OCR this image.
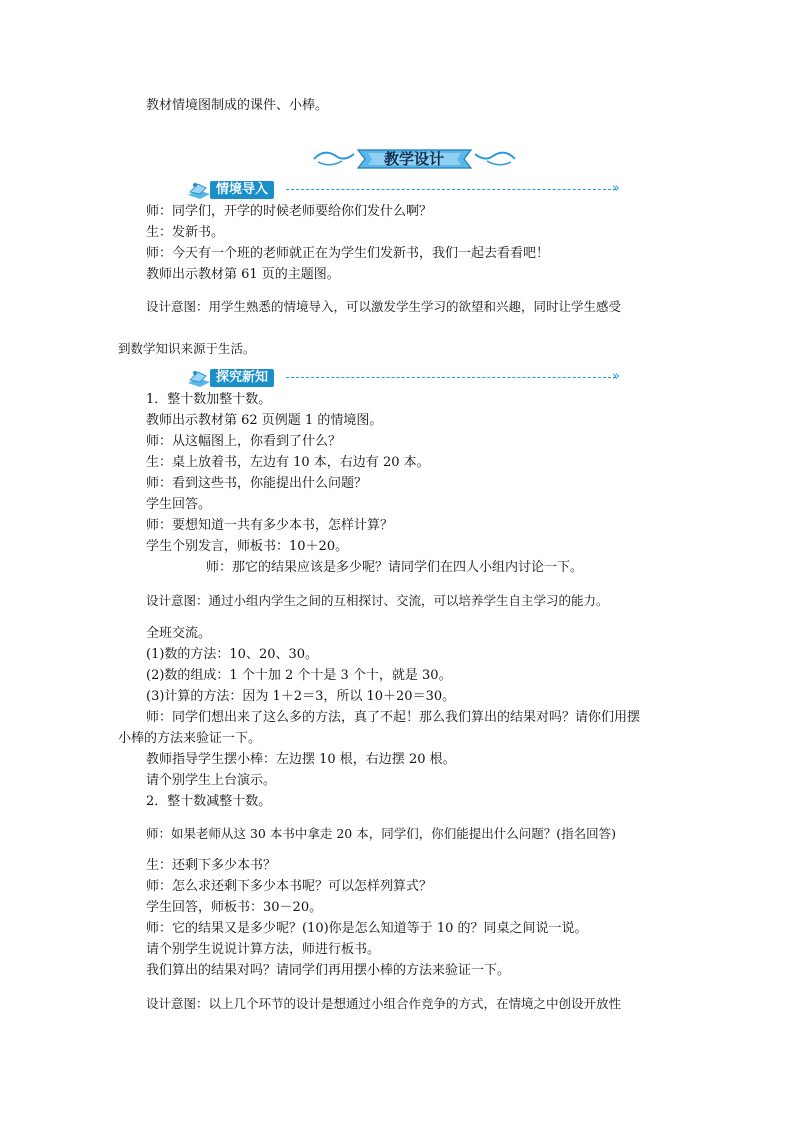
教材情境图制成的课件、小棒。
教学设计
情境导入	»
师：同学们，开学的时候老师要给你们发什么啊？
生：发新书。
师：今天有一个班的老师就正在为学生们发新书，我们一起去看看吧！
教师出示教材第 61 页的主题图。
设计意图：用学生熟悉的情境导入，可以激发学生学习的欲望和兴趣，同时让学生感受
到数学知识来源于生活。
探究新知	»
1．整十数加整十数。
教师出示教材第 62 页例题 1 的情境图。
师：从这幅图上，你看到了什么？
生：桌上放着书，左边有 10 本，右边有 20 本。
师：看到这些书，你能提出什么问题？
学生回答。
师：要想知道一共有多少本书，怎样计算？
学生个别发言，师板书：10＋20。
师：那它的结果应该是多少呢？请同学们在四人小组内讨论一下。
设计意图：通过小组内学生之间的互相探讨、交流，可以培养学生自主学习的能力。
全班交流。
(1)数的方法：10、20、30。
(2)数的组成：1 个十加 2 个十是 3 个十，就是 30。
(3)计算的方法：因为 1＋2＝3，所以 10＋20＝30。
师：同学们想出来了这么多的方法，真了不起！那么我们算出的结果对吗？请你们用摆
小棒的方法来验证一下。
教师指导学生摆小棒：左边摆 10 根，右边摆 20 根。
请个别学生上台演示。
2．整十数减整十数。
师：如果老师从这 30 本书中拿走 20 本，同学们，你们能提出什么问题？(指名回答)
生：还剩下多少本书？
师：怎么求还剩下多少本书呢？可以怎样列算式？
学生回答，师板书：30－20。
师：它的结果又是多少呢？(10)你是怎么知道等于 10 的？同桌之间说一说。
请个别学生说说计算方法，师进行板书。
我们算出的结果对吗？请同学们再用摆小棒的方法来验证一下。
设计意图：以上几个环节的设计是想通过小组合作竞争的方式，在情境之中创设开放性
